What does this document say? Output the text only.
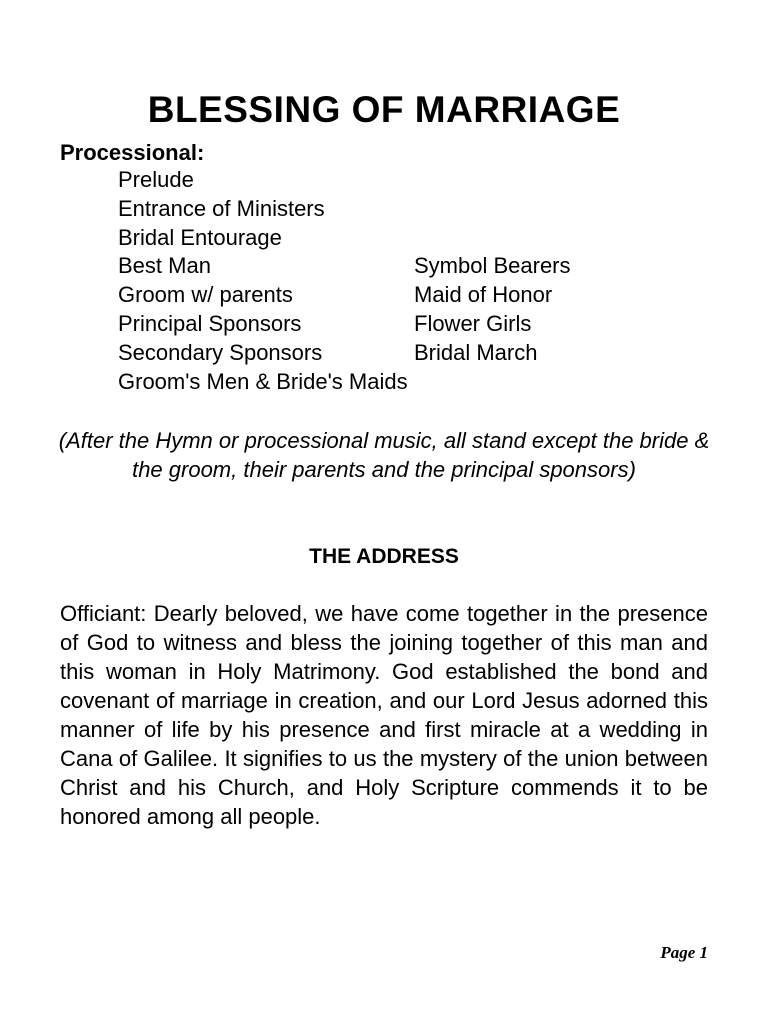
BLESSING OF MARRIAGE
Processional:
Prelude
Entrance of Ministers
Bridal Entourage
Best Man	Symbol Bearers
Groom w/ parents	Maid of Honor
Principal Sponsors	Flower Girls
Secondary Sponsors	Bridal March
Groom's Men & Bride's Maids
(After the Hymn or processional music, all stand except the bride & the groom, their parents and the principal sponsors)
THE ADDRESS

Officiant: Dearly beloved, we have come together in the presence of God to witness and bless the joining together of this man and this woman in Holy Matrimony. God established the bond and covenant of marriage in creation, and our Lord Jesus adorned this manner of life by his presence and first miracle at a wedding in Cana of Galilee. It signifies to us the mystery of the union between Christ and his Church, and Holy Scripture commends it to be honored among all people.

Page 1
